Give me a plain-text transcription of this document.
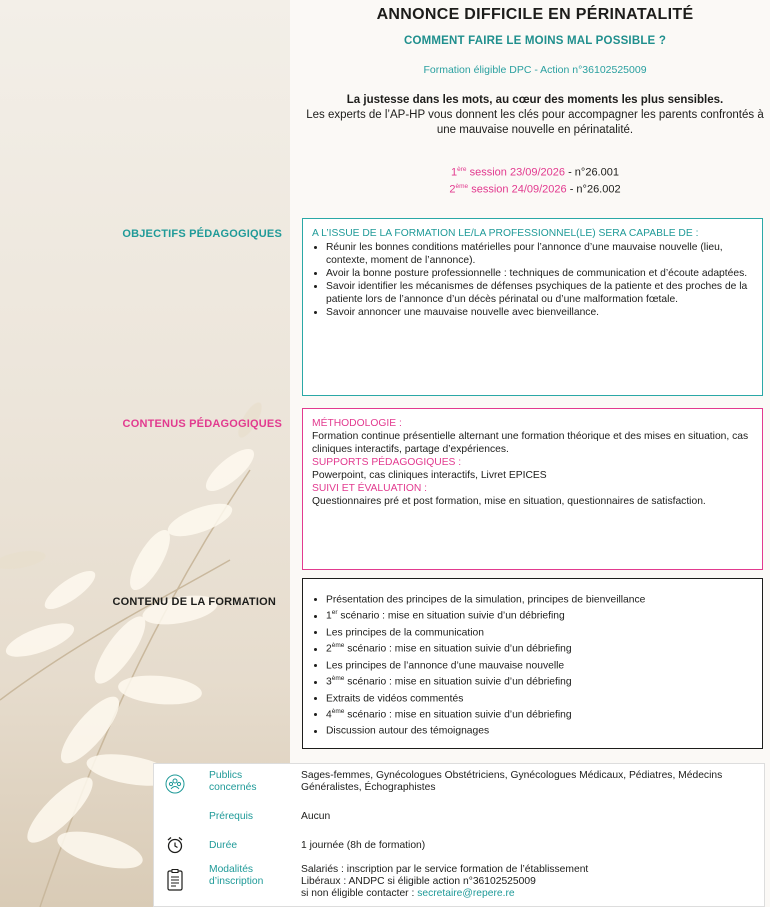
ANNONCE DIFFICILE EN PÉRINATALITÉ
COMMENT FAIRE LE MOINS MAL POSSIBLE ?
Formation éligible DPC - Action n°36102525009
La justesse dans les mots, au cœur des moments les plus sensibles.
Les experts de l’AP-HP vous donnent les clés pour accompagner les parents confrontés à une mauvaise nouvelle en périnatalité.
1ère session 23/09/2026 - n°26.001
2ème session 24/09/2026 - n°26.002
OBJECTIFS PÉDAGOGIQUES	A L’ISSUE DE LA FORMATION LE/LA PROFESSIONNEL(LE) SERA CAPABLE DE :
• Réunir les bonnes conditions matérielles pour l’annonce d’une mauvaise nouvelle (lieu, contexte, moment de l’annonce).
• Avoir la bonne posture professionnelle : techniques de communication et d’écoute adaptées.
• Savoir identifier les mécanismes de défenses psychiques de la patiente et des proches de la patiente lors de l’annonce d’un décès périnatal ou d’une malformation fœtale.
• Savoir annoncer une mauvaise nouvelle avec bienveillance.
CONTENUS PÉDAGOGIQUES	MÉTHODOLOGIE :
Formation continue présentielle alternant une formation théorique et des mises en situation, cas cliniques interactifs, partage d’expériences.
SUPPORTS PÉDAGOGIQUES :
Powerpoint, cas cliniques interactifs, Livret EPICES
SUIVI ET ÉVALUATION :
Questionnaires pré et post formation, mise en situation, questionnaires de satisfaction.
CONTENU DE LA FORMATION
•	Présentation des principes de la simulation, principes de bienveillance
• 1er scénario : mise en situation suivie d’un débriefing
• Les principes de la communication
• 2ème scénario : mise en situation suivie d’un débriefing
• Les principes de l’annonce d’une mauvaise nouvelle
• 3ème scénario : mise en situation suivie d’un débriefing
• Extraits de vidéos commentés
• 4ème scénario : mise en situation suivie d’un débriefing
• Discussion autour des témoignages
Publics concernés
Sages-femmes, Gynécologues Obstétriciens, Gynécologues Médicaux, Pédiatres, Médecins Généralistes, Échographistes
Prérequis	Aucun
Durée	1 journée (8h de formation)
Modalités d’inscription
Salariés : inscription par le service formation de l’établissement
Libéraux : ANDPC si éligible action n°36102525009
si non éligible contacter : secretaire@repere.re
